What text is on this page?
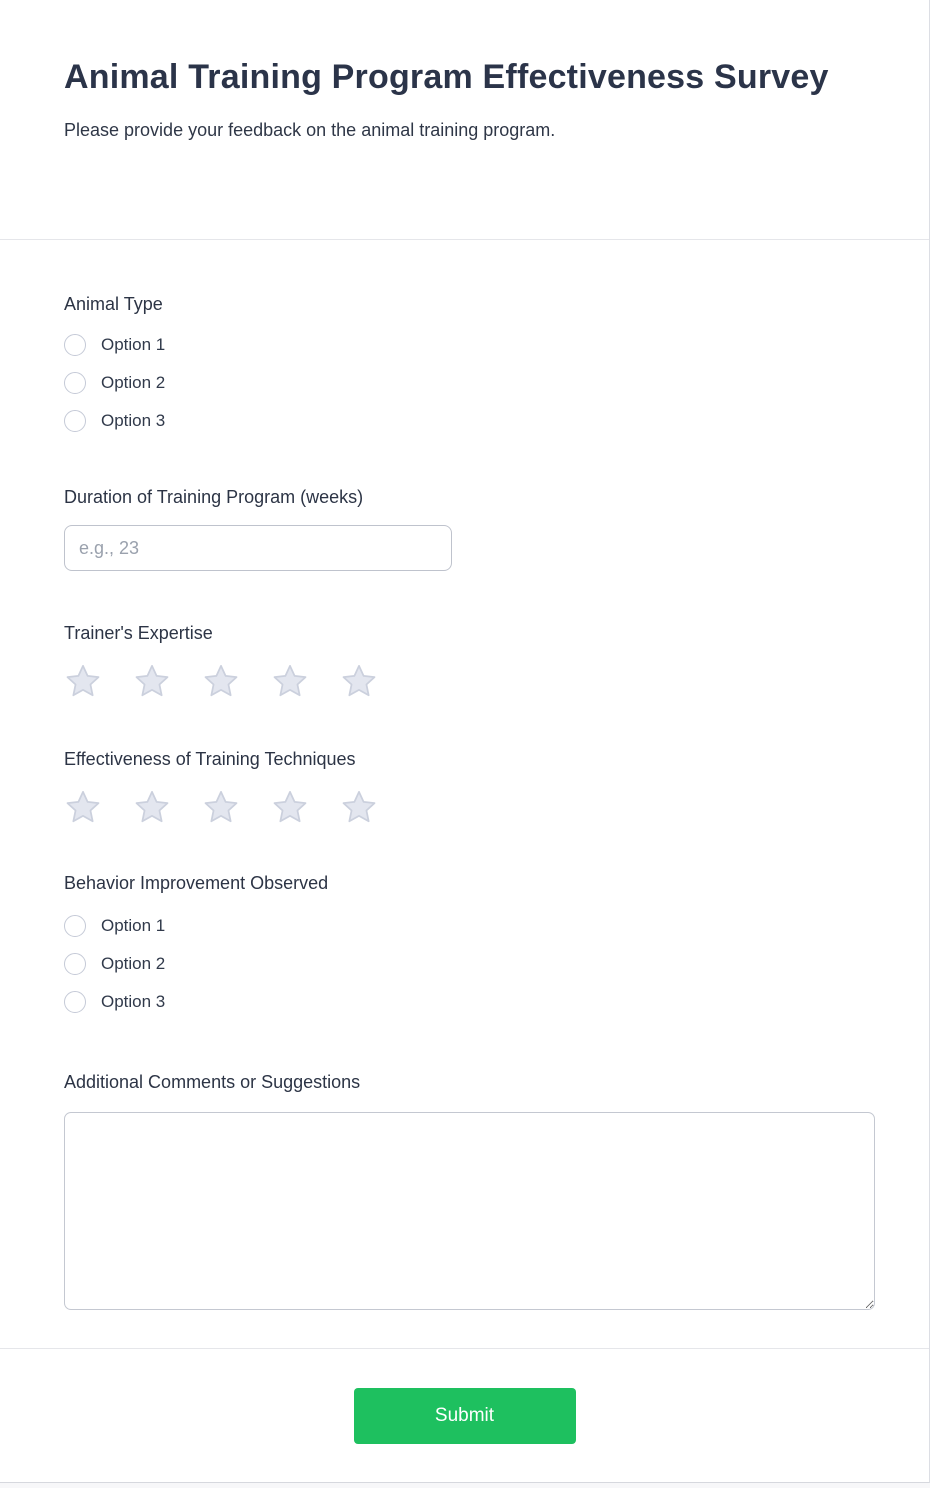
Animal Training Program Effectiveness Survey
Please provide your feedback on the animal training program.
Animal Type
Option 1
Option 2
Option 3
Duration of Training Program (weeks)
e.g., 23
Trainer's Expertise
Effectiveness of Training Techniques
Behavior Improvement Observed
Option 1
Option 2
Option 3
Additional Comments or Suggestions
Submit
